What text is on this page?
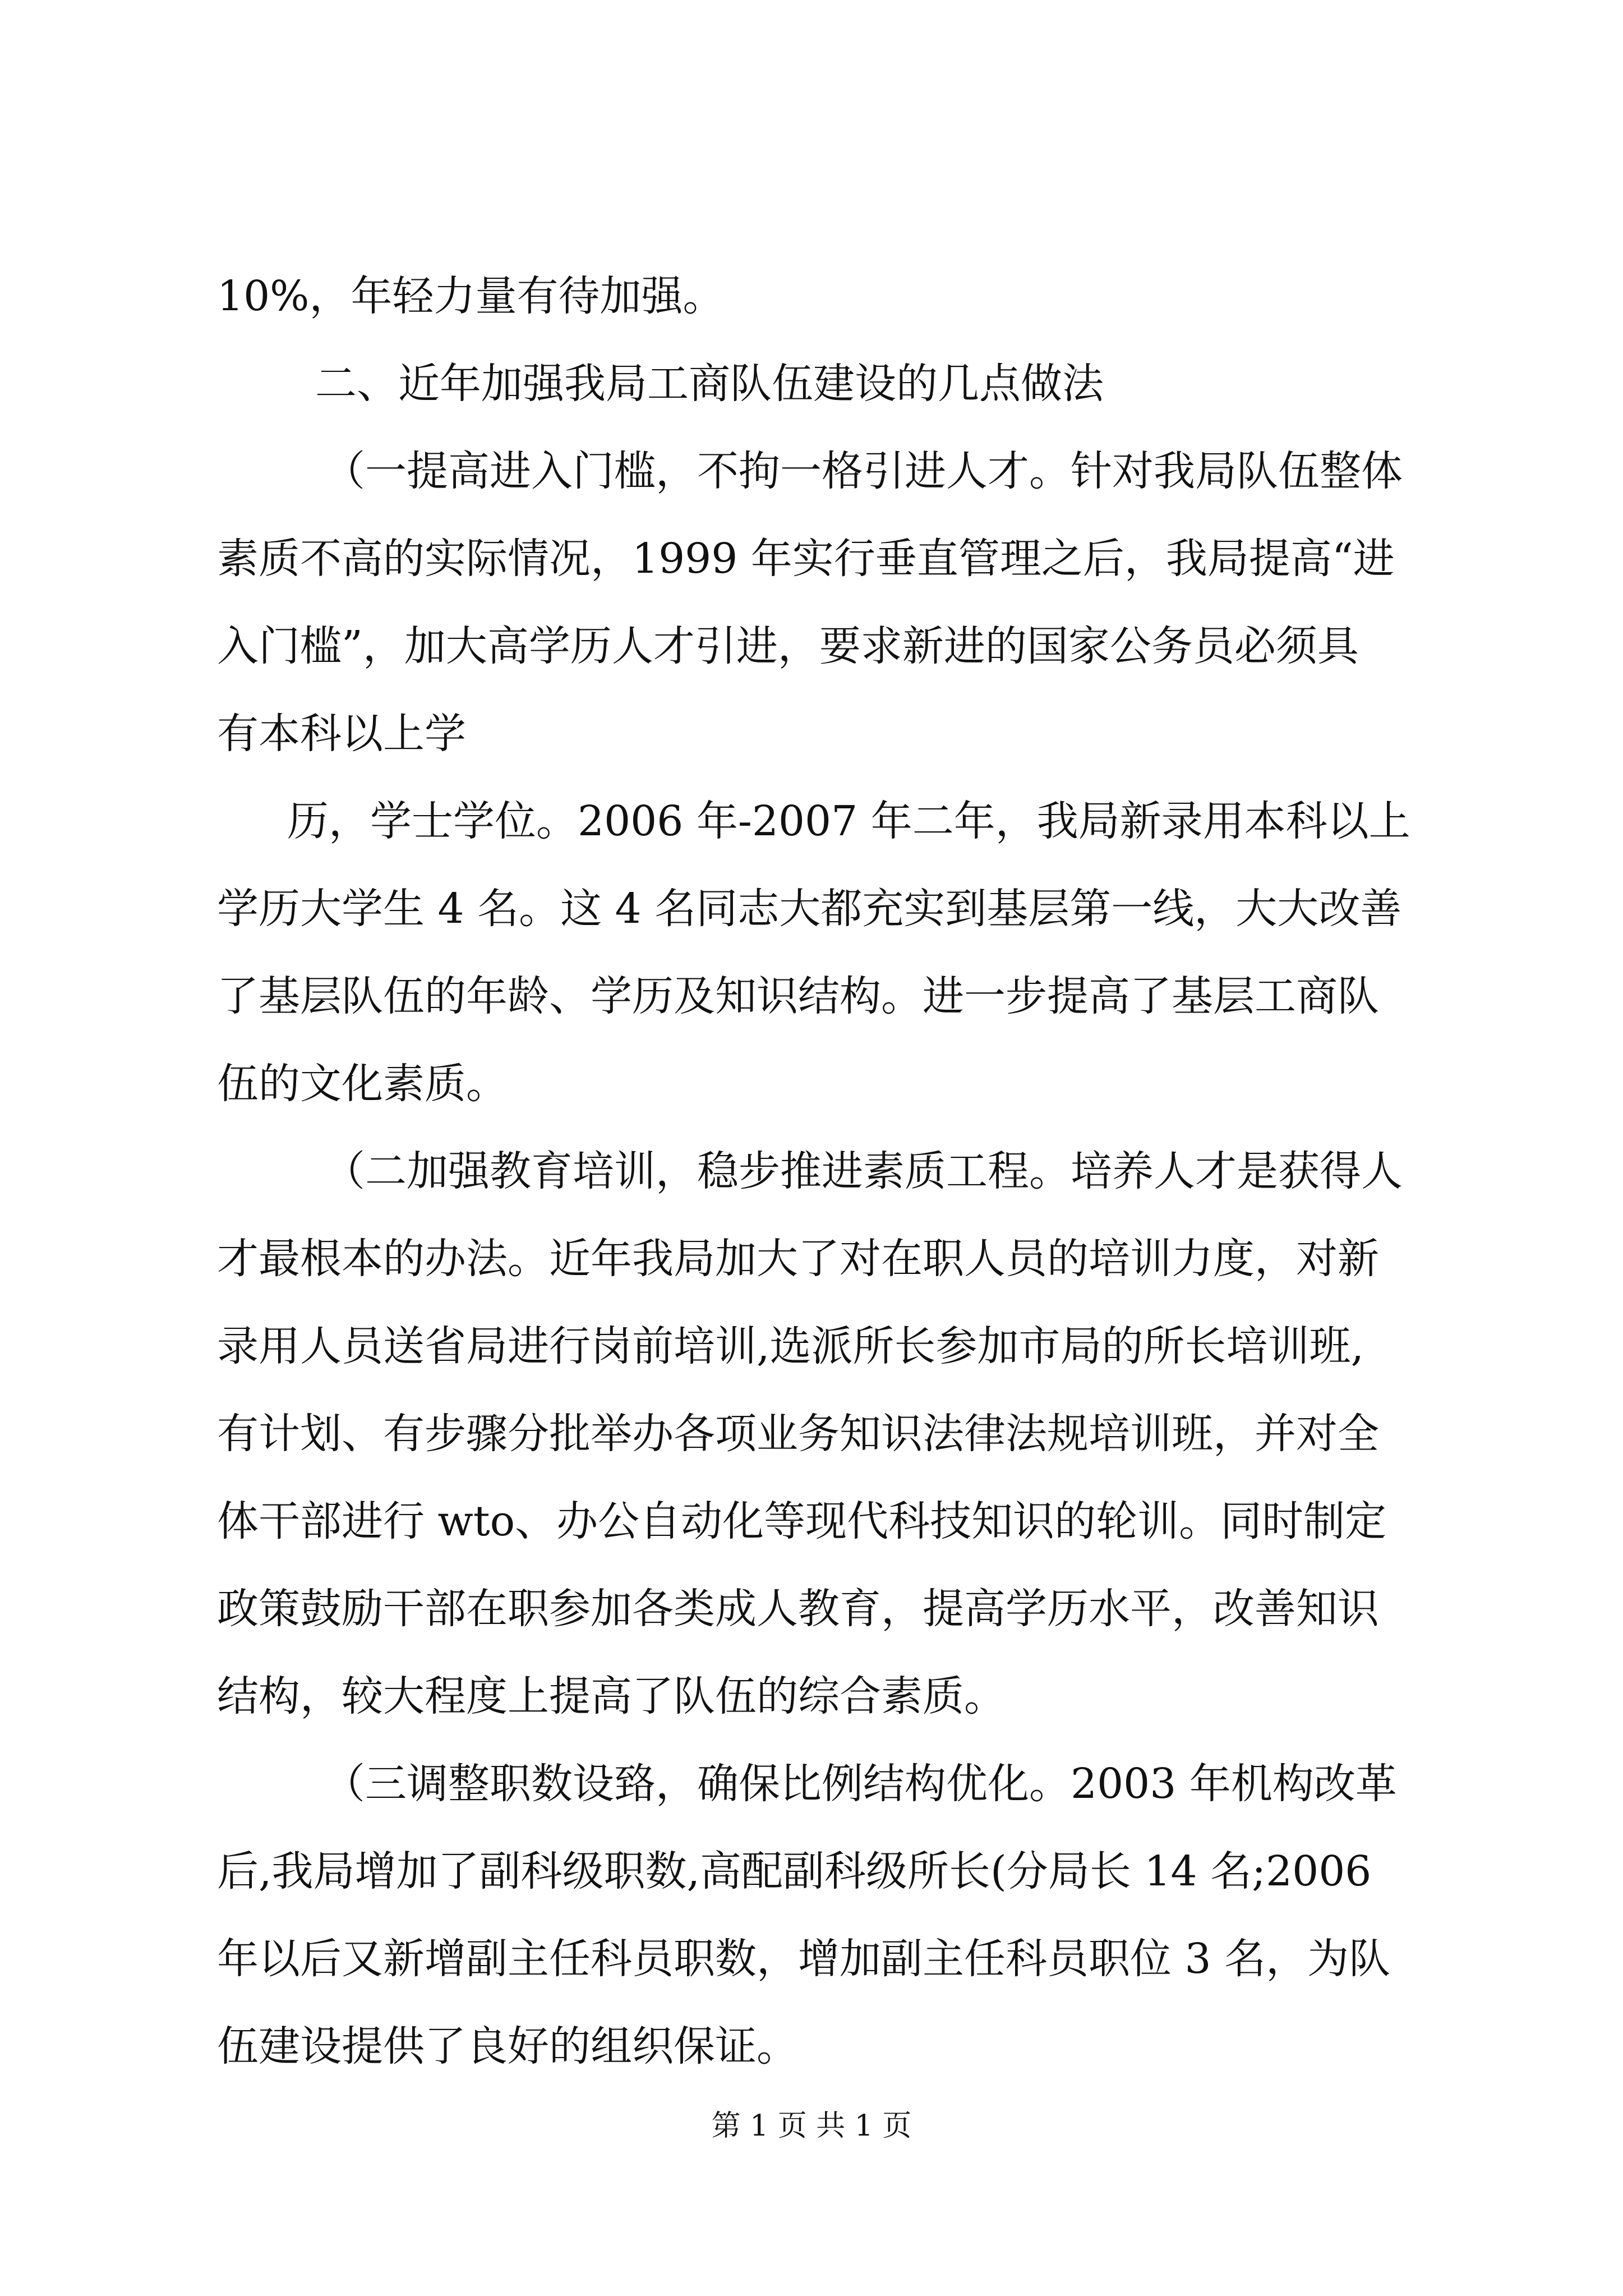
10%，年轻力量有待加强。
二、近年加强我局工商队伍建设的几点做法
（一提高进入门槛，不拘一格引进人才。针对我局队伍整体
素质不高的实际情况，1999 年实行垂直管理之后，我局提高“进
入门槛”，加大高学历人才引进，要求新进的国家公务员必须具
有本科以上学
历，学士学位。2006 年-2007 年二年，我局新录用本科以上
学历大学生 4 名。这 4 名同志大都充实到基层第一线，大大改善
了基层队伍的年龄、学历及知识结构。进一步提高了基层工商队
伍的文化素质。
（二加强教育培训，稳步推进素质工程。培养人才是获得人
才最根本的办法。近年我局加大了对在职人员的培训力度，对新
录用人员送省局进行岗前培训,选派所长参加市局的所长培训班,
有计划、有步骤分批举办各项业务知识法律法规培训班，并对全
体干部进行 wto、办公自动化等现代科技知识的轮训。同时制定
政策鼓励干部在职参加各类成人教育，提高学历水平，改善知识
结构，较大程度上提高了队伍的综合素质。
（三调整职数设臵，确保比例结构优化。2003 年机构改革
后,我局增加了副科级职数,高配副科级所长(分局长 14 名;2006
年以后又新增副主任科员职数，增加副主任科员职位 3 名，为队
伍建设提供了良好的组织保证。
第 1 页 共 1 页
